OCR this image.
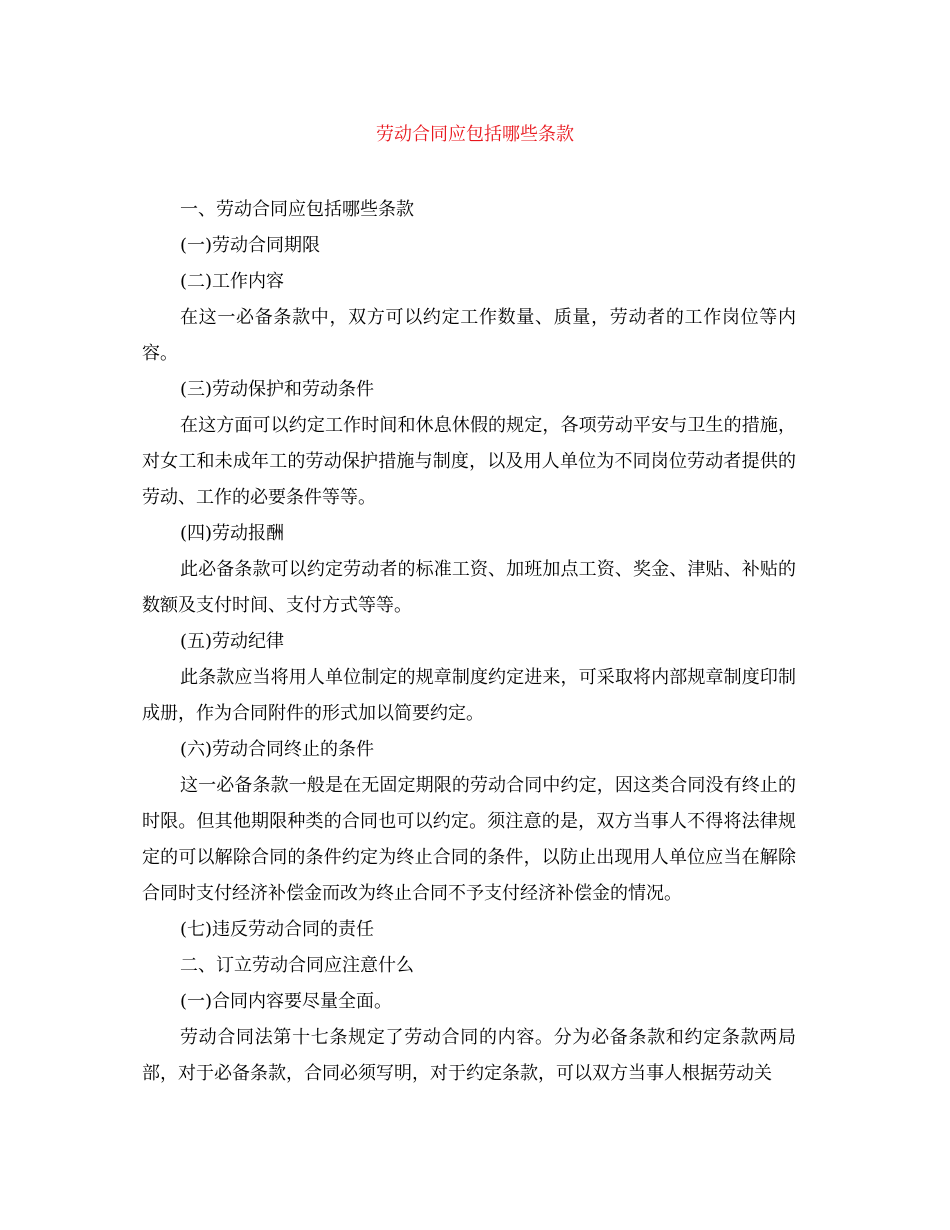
劳动合同应包括哪些条款

一、劳动合同应包括哪些条款

(一)劳动合同期限

(二)工作内容

在这一必备条款中，双方可以约定工作数量、质量，劳动者的工作岗位等内容。

(三)劳动保护和劳动条件

在这方面可以约定工作时间和休息休假的规定，各项劳动平安与卫生的措施，对女工和未成年工的劳动保护措施与制度，以及用人单位为不同岗位劳动者提供的劳动、工作的必要条件等等。

(四)劳动报酬

此必备条款可以约定劳动者的标准工资、加班加点工资、奖金、津贴、补贴的数额及支付时间、支付方式等等。

(五)劳动纪律

此条款应当将用人单位制定的规章制度约定进来，可采取将内部规章制度印制成册，作为合同附件的形式加以简要约定。

(六)劳动合同终止的条件

这一必备条款一般是在无固定期限的劳动合同中约定，因这类合同没有终止的时限。但其他期限种类的合同也可以约定。须注意的是，双方当事人不得将法律规定的可以解除合同的条件约定为终止合同的条件，以防止出现用人单位应当在解除合同时支付经济补偿金而改为终止合同不予支付经济补偿金的情况。

(七)违反劳动合同的责任

二、订立劳动合同应注意什么

(一)合同内容要尽量全面。

劳动合同法第十七条规定了劳动合同的内容。分为必备条款和约定条款两局部，对于必备条款，合同必须写明，对于约定条款，可以双方当事人根据劳动关
